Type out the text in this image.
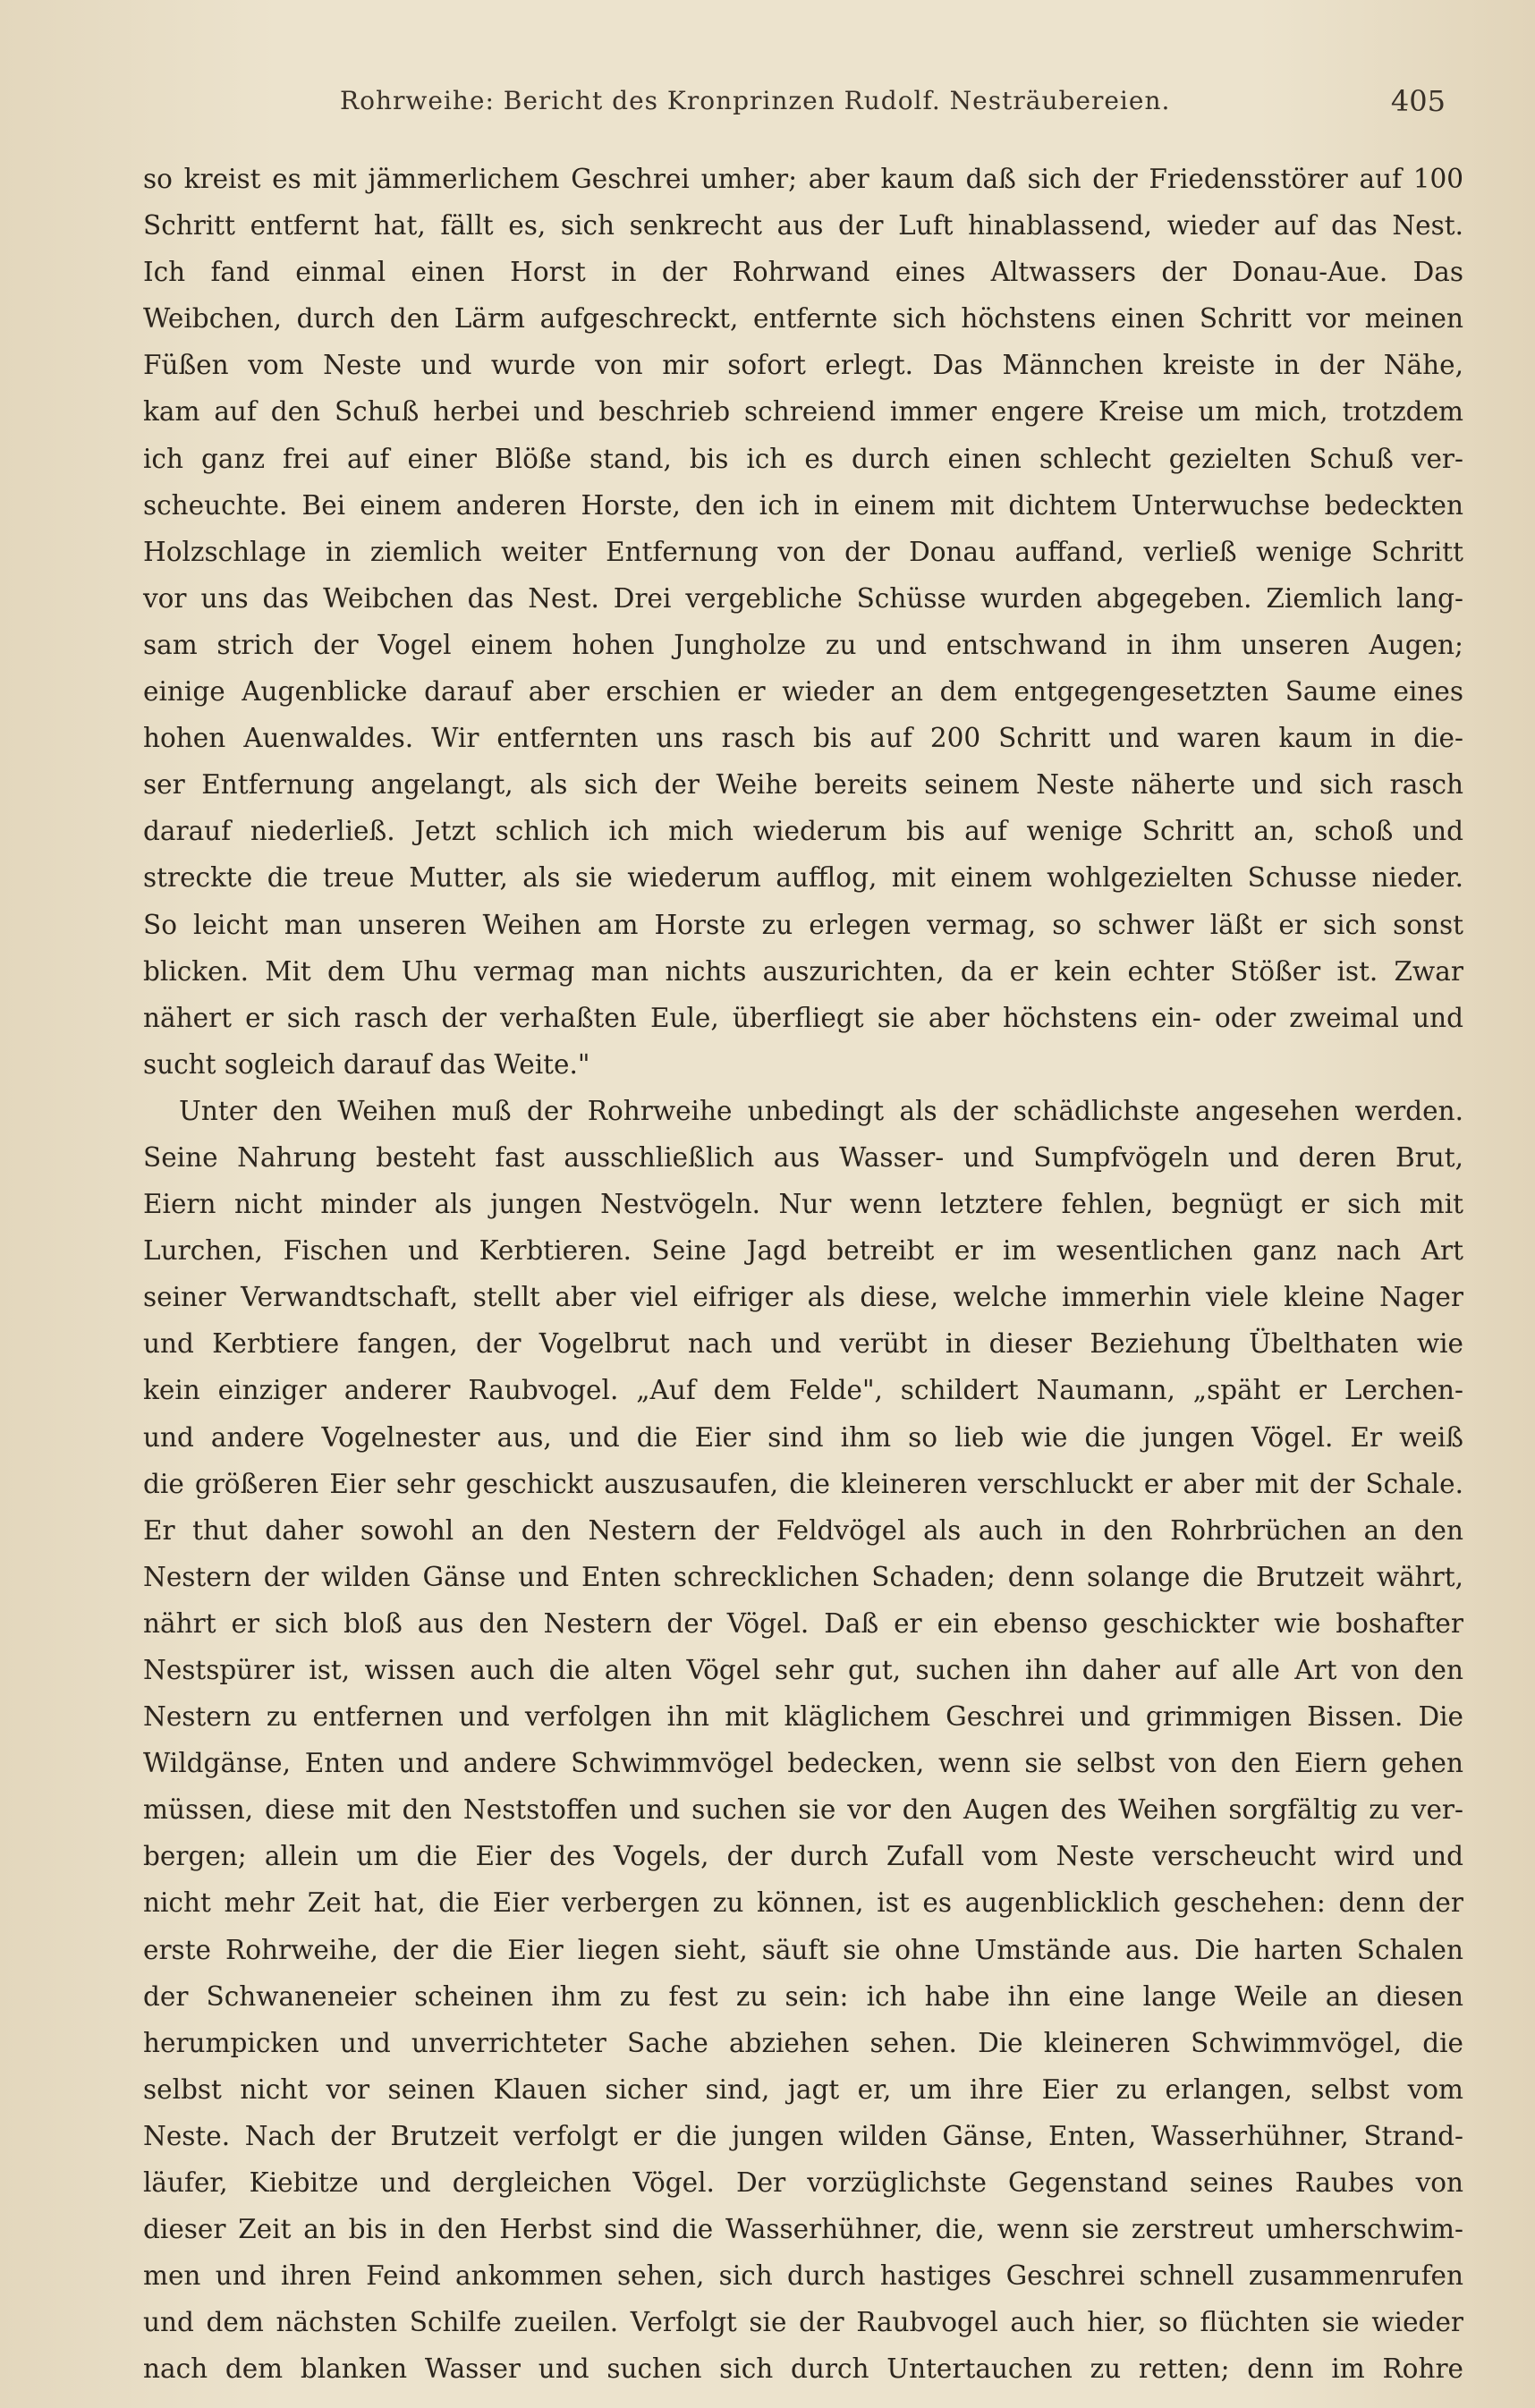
Rohrweihe: Bericht des Kronprinzen Rudolf. Nesträubereien.	405

so kreist es mit jämmerlichem Geschrei umher; aber kaum daß sich der Friedensstörer auf 100

Schritt entfernt hat, fällt es, sich senkrecht aus der Luft hinablassend, wieder auf das Nest.

Ich fand einmal einen Horst in der Rohrwand eines Altwassers der Donau-Aue. Das

Weibchen, durch den Lärm aufgeschreckt, entfernte sich höchstens einen Schritt vor meinen

Füßen vom Neste und wurde von mir sofort erlegt. Das Männchen kreiste in der Nähe,

kam auf den Schuß herbei und beschrieb schreiend immer engere Kreise um mich, trotzdem

ich ganz frei auf einer Blöße stand, bis ich es durch einen schlecht gezielten Schuß ver-

scheuchte. Bei einem anderen Horste, den ich in einem mit dichtem Unterwuchse bedeckten

Holzschlage in ziemlich weiter Entfernung von der Donau auffand, verließ wenige Schritt

vor uns das Weibchen das Nest. Drei vergebliche Schüsse wurden abgegeben. Ziemlich lang-

sam strich der Vogel einem hohen Jungholze zu und entschwand in ihm unseren Augen;

einige Augenblicke darauf aber erschien er wieder an dem entgegengesetzten Saume eines

hohen Auenwaldes. Wir entfernten uns rasch bis auf 200 Schritt und waren kaum in die-

ser Entfernung angelangt, als sich der Weihe bereits seinem Neste näherte und sich rasch

darauf niederließ. Jetzt schlich ich mich wiederum bis auf wenige Schritt an, schoß und

streckte die treue Mutter, als sie wiederum aufflog, mit einem wohlgezielten Schusse nieder.

So leicht man unseren Weihen am Horste zu erlegen vermag, so schwer läßt er sich sonst

blicken. Mit dem Uhu vermag man nichts auszurichten, da er kein echter Stößer ist. Zwar

nähert er sich rasch der verhaßten Eule, überfliegt sie aber höchstens ein- oder zweimal und

sucht sogleich darauf das Weite."

Unter den Weihen muß der Rohrweihe unbedingt als der schädlichste angesehen werden.

Seine Nahrung besteht fast ausschließlich aus Wasser- und Sumpfvögeln und deren Brut,

Eiern nicht minder als jungen Nestvögeln. Nur wenn letztere fehlen, begnügt er sich mit

Lurchen, Fischen und Kerbtieren. Seine Jagd betreibt er im wesentlichen ganz nach Art

seiner Verwandtschaft, stellt aber viel eifriger als diese, welche immerhin viele kleine Nager

und Kerbtiere fangen, der Vogelbrut nach und verübt in dieser Beziehung Übelthaten wie

kein einziger anderer Raubvogel. „Auf dem Felde", schildert Naumann, „späht er Lerchen-

und andere Vogelnester aus, und die Eier sind ihm so lieb wie die jungen Vögel. Er weiß

die größeren Eier sehr geschickt auszusaufen, die kleineren verschluckt er aber mit der Schale.

Er thut daher sowohl an den Nestern der Feldvögel als auch in den Rohrbrüchen an den

Nestern der wilden Gänse und Enten schrecklichen Schaden; denn solange die Brutzeit währt,

nährt er sich bloß aus den Nestern der Vögel. Daß er ein ebenso geschickter wie boshafter

Nestspürer ist, wissen auch die alten Vögel sehr gut, suchen ihn daher auf alle Art von den

Nestern zu entfernen und verfolgen ihn mit kläglichem Geschrei und grimmigen Bissen. Die

Wildgänse, Enten und andere Schwimmvögel bedecken, wenn sie selbst von den Eiern gehen

müssen, diese mit den Neststoffen und suchen sie vor den Augen des Weihen sorgfältig zu ver-

bergen; allein um die Eier des Vogels, der durch Zufall vom Neste verscheucht wird und

nicht mehr Zeit hat, die Eier verbergen zu können, ist es augenblicklich geschehen: denn der

erste Rohrweihe, der die Eier liegen sieht, säuft sie ohne Umstände aus. Die harten Schalen

der Schwaneneier scheinen ihm zu fest zu sein: ich habe ihn eine lange Weile an diesen

herumpicken und unverrichteter Sache abziehen sehen. Die kleineren Schwimmvögel, die

selbst nicht vor seinen Klauen sicher sind, jagt er, um ihre Eier zu erlangen, selbst vom

Neste. Nach der Brutzeit verfolgt er die jungen wilden Gänse, Enten, Wasserhühner, Strand-

läufer, Kiebitze und dergleichen Vögel. Der vorzüglichste Gegenstand seines Raubes von

dieser Zeit an bis in den Herbst sind die Wasserhühner, die, wenn sie zerstreut umherschwim-

men und ihren Feind ankommen sehen, sich durch hastiges Geschrei schnell zusammenrufen

und dem nächsten Schilfe zueilen. Verfolgt sie der Raubvogel auch hier, so flüchten sie wieder

nach dem blanken Wasser und suchen sich durch Untertauchen zu retten; denn im Rohre
